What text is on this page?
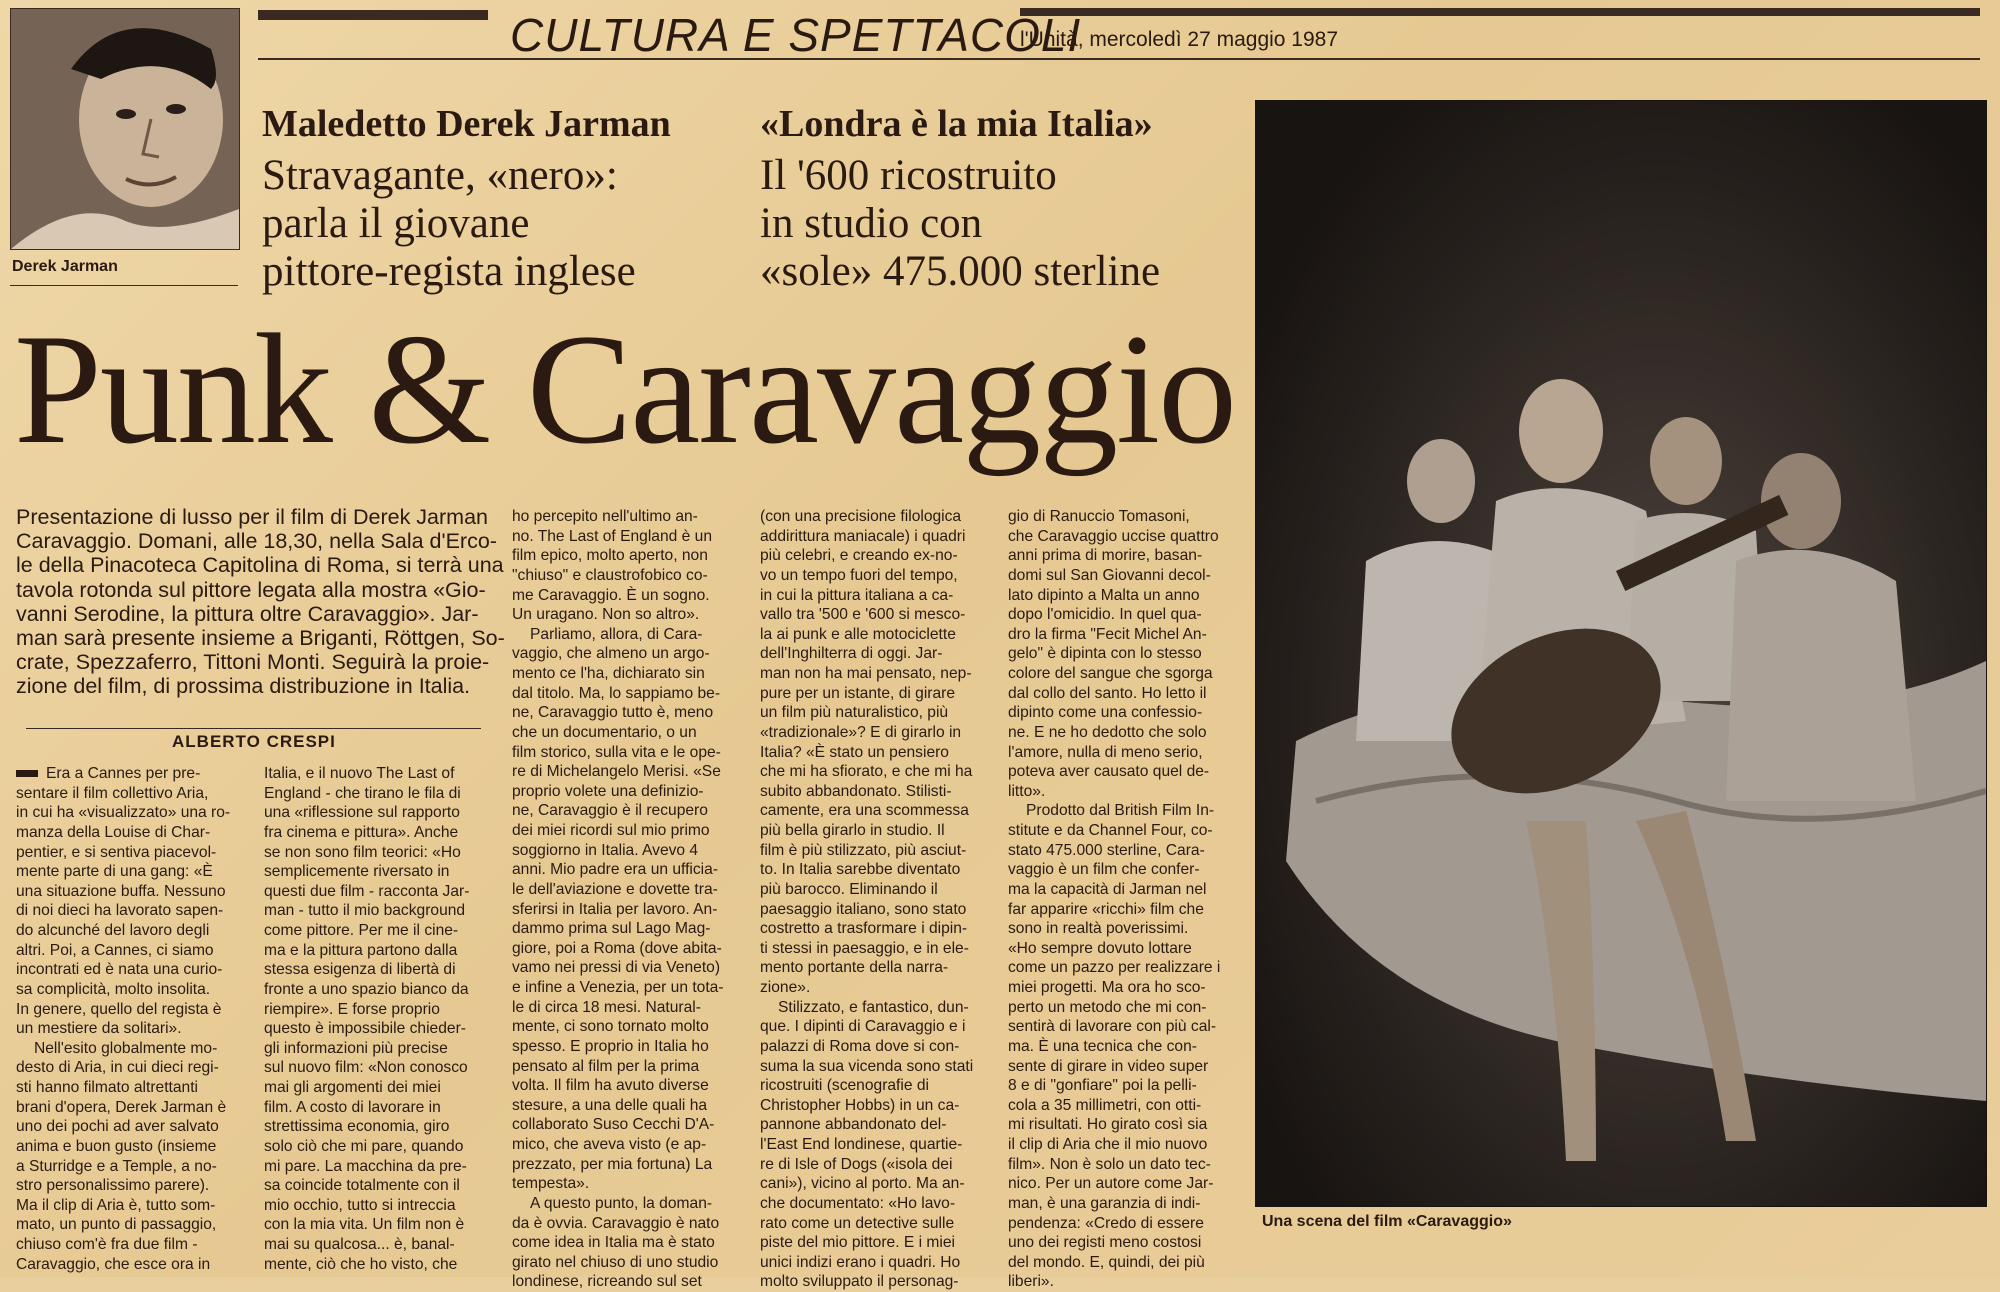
CULTURA E SPETTACOLI
l'Unità, mercoledì 27 maggio 1987
Derek Jarman
Maledetto Derek Jarman
Stravagante, «nero»:
parla il giovane
pittore-regista inglese
«Londra è la mia Italia»
Il '600 ricostruito
in studio con
«sole» 475.000 sterline
Punk & Caravaggio
Presentazione di lusso per il film di Derek Jarman
Caravaggio. Domani, alle 18,30, nella Sala d'Erco-
le della Pinacoteca Capitolina di Roma, si terrà una
tavola rotonda sul pittore legata alla mostra «Gio-
vanni Serodine, la pittura oltre Caravaggio». Jar-
man sarà presente insieme a Briganti, Röttgen, So-
crate, Spezzaferro, Tittoni Monti. Seguirà la proie-
zione del film, di prossima distribuzione in Italia.
ALBERTO CRESPI
Era a Cannes per pre-
sentare il film collettivo Aria,
in cui ha «visualizzato» una ro-
manza della Louise di Char-
pentier, e si sentiva piacevol-
mente parte di una gang: «È
una situazione buffa. Nessuno
di noi dieci ha lavorato sapen-
do alcunché del lavoro degli
altri. Poi, a Cannes, ci siamo
incontrati ed è nata una curio-
sa complicità, molto insolita.
In genere, quello del regista è
un mestiere da solitari».
Nell'esito globalmente mo-
desto di Aria, in cui dieci regi-
sti hanno filmato altrettanti
brani d'opera, Derek Jarman è
uno dei pochi ad aver salvato
anima e buon gusto (insieme
a Sturridge e a Temple, a no-
stro personalissimo parere).
Ma il clip di Aria è, tutto som-
mato, un punto di passaggio,
chiuso com'è fra due film -
Caravaggio, che esce ora in
Italia, e il nuovo The Last of
England - che tirano le fila di
una «riflessione sul rapporto
fra cinema e pittura». Anche
se non sono film teorici: «Ho
semplicemente riversato in
questi due film - racconta Jar-
man - tutto il mio background
come pittore. Per me il cine-
ma e la pittura partono dalla
stessa esigenza di libertà di
fronte a uno spazio bianco da
riempire». E forse proprio
questo è impossibile chieder-
gli informazioni più precise
sul nuovo film: «Non conosco
mai gli argomenti dei miei
film. A costo di lavorare in
strettissima economia, giro
solo ciò che mi pare, quando
mi pare. La macchina da pre-
sa coincide totalmente con il
mio occhio, tutto si intreccia
con la mia vita. Un film non è
mai su qualcosa... è, banal-
mente, ciò che ho visto, che
ho percepito nell'ultimo an-
no. The Last of England è un
film epico, molto aperto, non
"chiuso" e claustrofobico co-
me Caravaggio. È un sogno.
Un uragano. Non so altro».
Parliamo, allora, di Cara-
vaggio, che almeno un argo-
mento ce l'ha, dichiarato sin
dal titolo. Ma, lo sappiamo be-
ne, Caravaggio tutto è, meno
che un documentario, o un
film storico, sulla vita e le ope-
re di Michelangelo Merisi. «Se
proprio volete una definizio-
ne, Caravaggio è il recupero
dei miei ricordi sul mio primo
soggiorno in Italia. Avevo 4
anni. Mio padre era un ufficia-
le dell'aviazione e dovette tra-
sferirsi in Italia per lavoro. An-
dammo prima sul Lago Mag-
giore, poi a Roma (dove abita-
vamo nei pressi di via Veneto)
e infine a Venezia, per un tota-
le di circa 18 mesi. Natural-
mente, ci sono tornato molto
spesso. E proprio in Italia ho
pensato al film per la prima
volta. Il film ha avuto diverse
stesure, a una delle quali ha
collaborato Suso Cecchi D'A-
mico, che aveva visto (e ap-
prezzato, per mia fortuna) La
tempesta».
A questo punto, la doman-
da è ovvia. Caravaggio è nato
come idea in Italia ma è stato
girato nel chiuso di uno studio
londinese, ricreando sul set
(con una precisione filologica
addirittura maniacale) i quadri
più celebri, e creando ex-no-
vo un tempo fuori del tempo,
in cui la pittura italiana a ca-
vallo tra '500 e '600 si mesco-
la ai punk e alle motociclette
dell'Inghilterra di oggi. Jar-
man non ha mai pensato, nep-
pure per un istante, di girare
un film più naturalistico, più
«tradizionale»? E di girarlo in
Italia? «È stato un pensiero
che mi ha sfiorato, e che mi ha
subito abbandonato. Stilisti-
camente, era una scommessa
più bella girarlo in studio. Il
film è più stilizzato, più asciut-
to. In Italia sarebbe diventato
più barocco. Eliminando il
paesaggio italiano, sono stato
costretto a trasformare i dipin-
ti stessi in paesaggio, e in ele-
mento portante della narra-
zione».
Stilizzato, e fantastico, dun-
que. I dipinti di Caravaggio e i
palazzi di Roma dove si con-
suma la sua vicenda sono stati
ricostruiti (scenografie di
Christopher Hobbs) in un ca-
pannone abbandonato del-
l'East End londinese, quartie-
re di Isle of Dogs («isola dei
cani»), vicino al porto. Ma an-
che documentato: «Ho lavo-
rato come un detective sulle
piste del mio pittore. E i miei
unici indizi erano i quadri. Ho
molto sviluppato il personag-
gio di Ranuccio Tomasoni,
che Caravaggio uccise quattro
anni prima di morire, basan-
domi sul San Giovanni decol-
lato dipinto a Malta un anno
dopo l'omicidio. In quel qua-
dro la firma "Fecit Michel An-
gelo" è dipinta con lo stesso
colore del sangue che sgorga
dal collo del santo. Ho letto il
dipinto come una confessio-
ne. E ne ho dedotto che solo
l'amore, nulla di meno serio,
poteva aver causato quel de-
litto».
Prodotto dal British Film In-
stitute e da Channel Four, co-
stato 475.000 sterline, Cara-
vaggio è un film che confer-
ma la capacità di Jarman nel
far apparire «ricchi» film che
sono in realtà poverissimi.
«Ho sempre dovuto lottare
come un pazzo per realizzare i
miei progetti. Ma ora ho sco-
perto un metodo che mi con-
sentirà di lavorare con più cal-
ma. È una tecnica che con-
sente di girare in video super
8 e di "gonfiare" poi la pelli-
cola a 35 millimetri, con otti-
mi risultati. Ho girato così sia
il clip di Aria che il mio nuovo
film». Non è solo un dato tec-
nico. Per un autore come Jar-
man, è una garanzia di indi-
pendenza: «Credo di essere
uno dei registi meno costosi
del mondo. E, quindi, dei più
liberi».
Una scena del film «Caravaggio»
